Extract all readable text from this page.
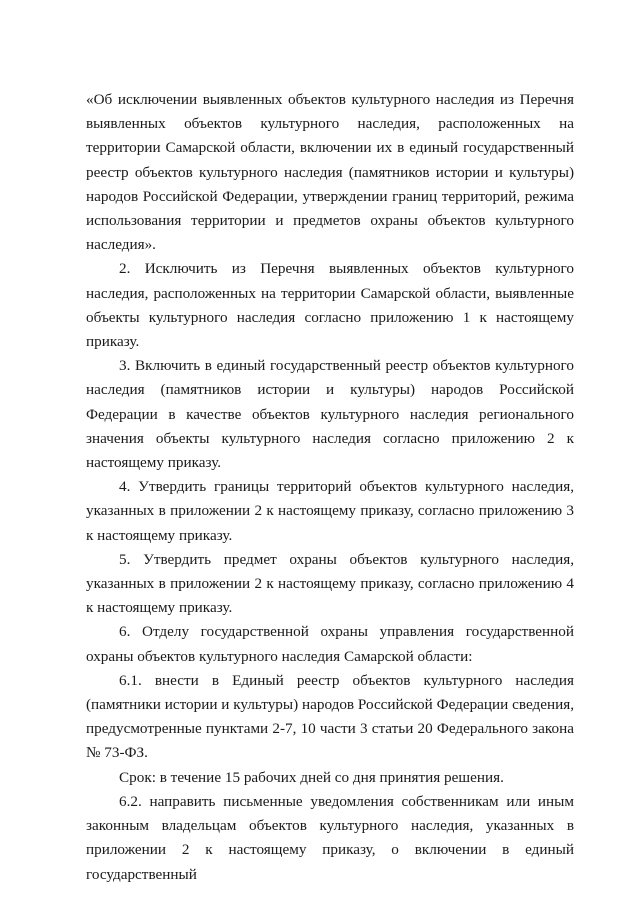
«Об исключении выявленных объектов культурного наследия из Перечня выявленных объектов культурного наследия, расположенных на территории Самарской области, включении их в единый государственный реестр объектов культурного наследия (памятников истории и культуры) народов Российской Федерации, утверждении границ территорий, режима использования территории и предметов охраны объектов культурного наследия».

2. Исключить из Перечня выявленных объектов культурного наследия, расположенных на территории Самарской области, выявленные объекты культурного наследия согласно приложению 1 к настоящему приказу.

3. Включить в единый государственный реестр объектов культурного наследия (памятников истории и культуры) народов Российской Федерации в качестве объектов культурного наследия регионального значения объекты культурного наследия согласно приложению 2 к настоящему приказу.

4. Утвердить границы территорий объектов культурного наследия, указанных в приложении 2 к настоящему приказу, согласно приложению 3 к настоящему приказу.

5. Утвердить предмет охраны объектов культурного наследия, указанных в приложении 2 к настоящему приказу, согласно приложению 4 к настоящему приказу.

6. Отделу государственной охраны управления государственной охраны объектов культурного наследия Самарской области:

6.1. внести в Единый реестр объектов культурного наследия (памятники истории и культуры) народов Российской Федерации сведения, предусмотренные пунктами 2-7, 10 части 3 статьи 20 Федерального закона № 73-ФЗ.

Срок: в течение 15 рабочих дней со дня принятия решения.

6.2. направить письменные уведомления собственникам или иным законным владельцам объектов культурного наследия, указанных в приложении 2 к настоящему приказу, о включении в единый государственный
